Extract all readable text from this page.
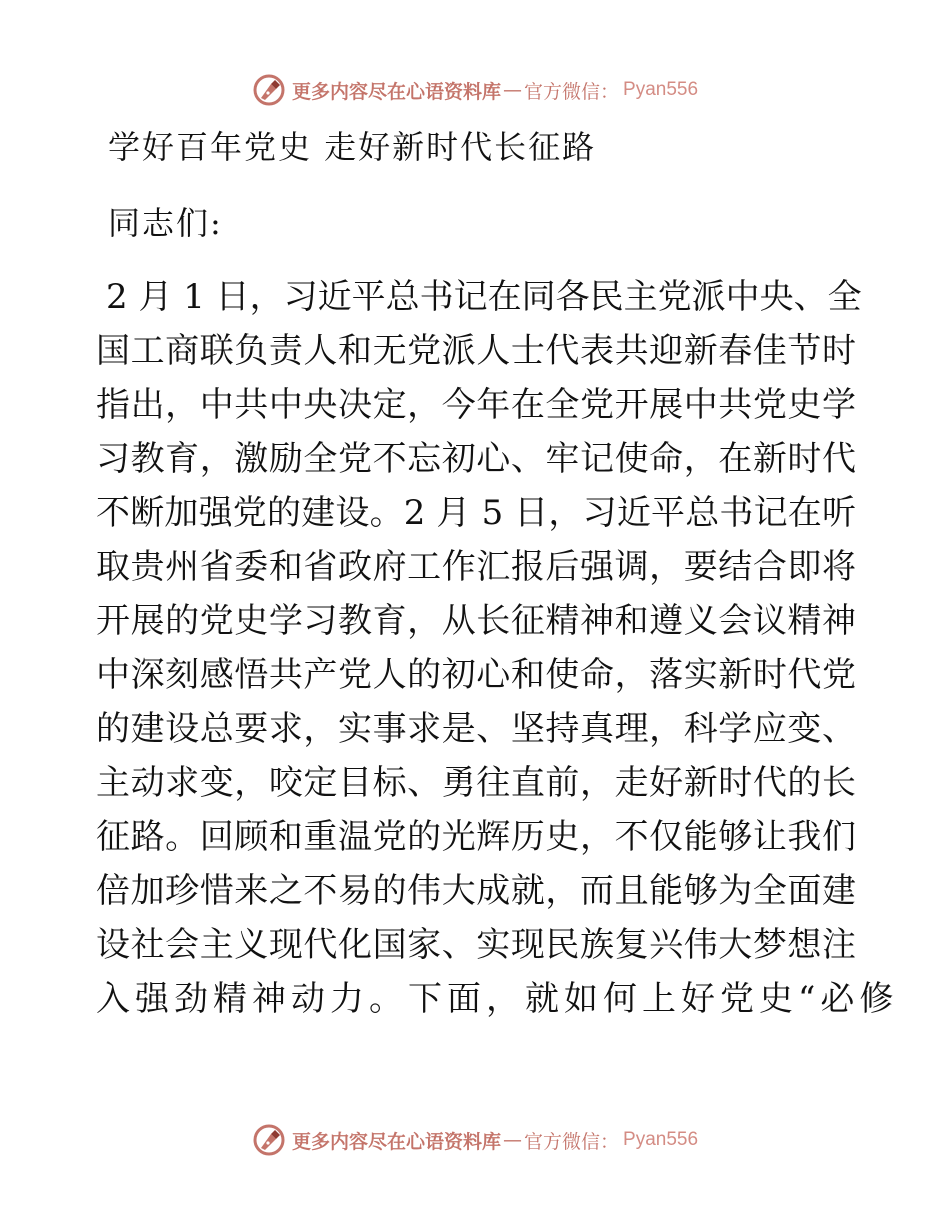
更多内容尽在心语资料库 — 官方微信 ： Pyan556
学好百年党史 走好新时代长征路
同志们:
2 月 1 日，习近平总书记在同各民主党派中央、全
国工商联负责人和无党派人士代表共迎新春佳节时
指出，中共中央决定，今年在全党开展中共党史学
习教育，激励全党不忘初心、牢记使命，在新时代
不断加强党的建设。2 月 5 日，习近平总书记在听
取贵州省委和省政府工作汇报后强调，要结合即将
开展的党史学习教育，从长征精神和遵义会议精神
中深刻感悟共产党人的初心和使命，落实新时代党
的建设总要求，实事求是、坚持真理，科学应变、
主动求变，咬定目标、勇往直前，走好新时代的长
征路。回顾和重温党的光辉历史，不仅能够让我们
倍加珍惜来之不易的伟大成就，而且能够为全面建
设社会主义现代化国家、实现民族复兴伟大梦想注
入强劲精神动力。下面，就如何上好党史“必修
更多内容尽在心语资料库 — 官方微信 ： Pyan556
